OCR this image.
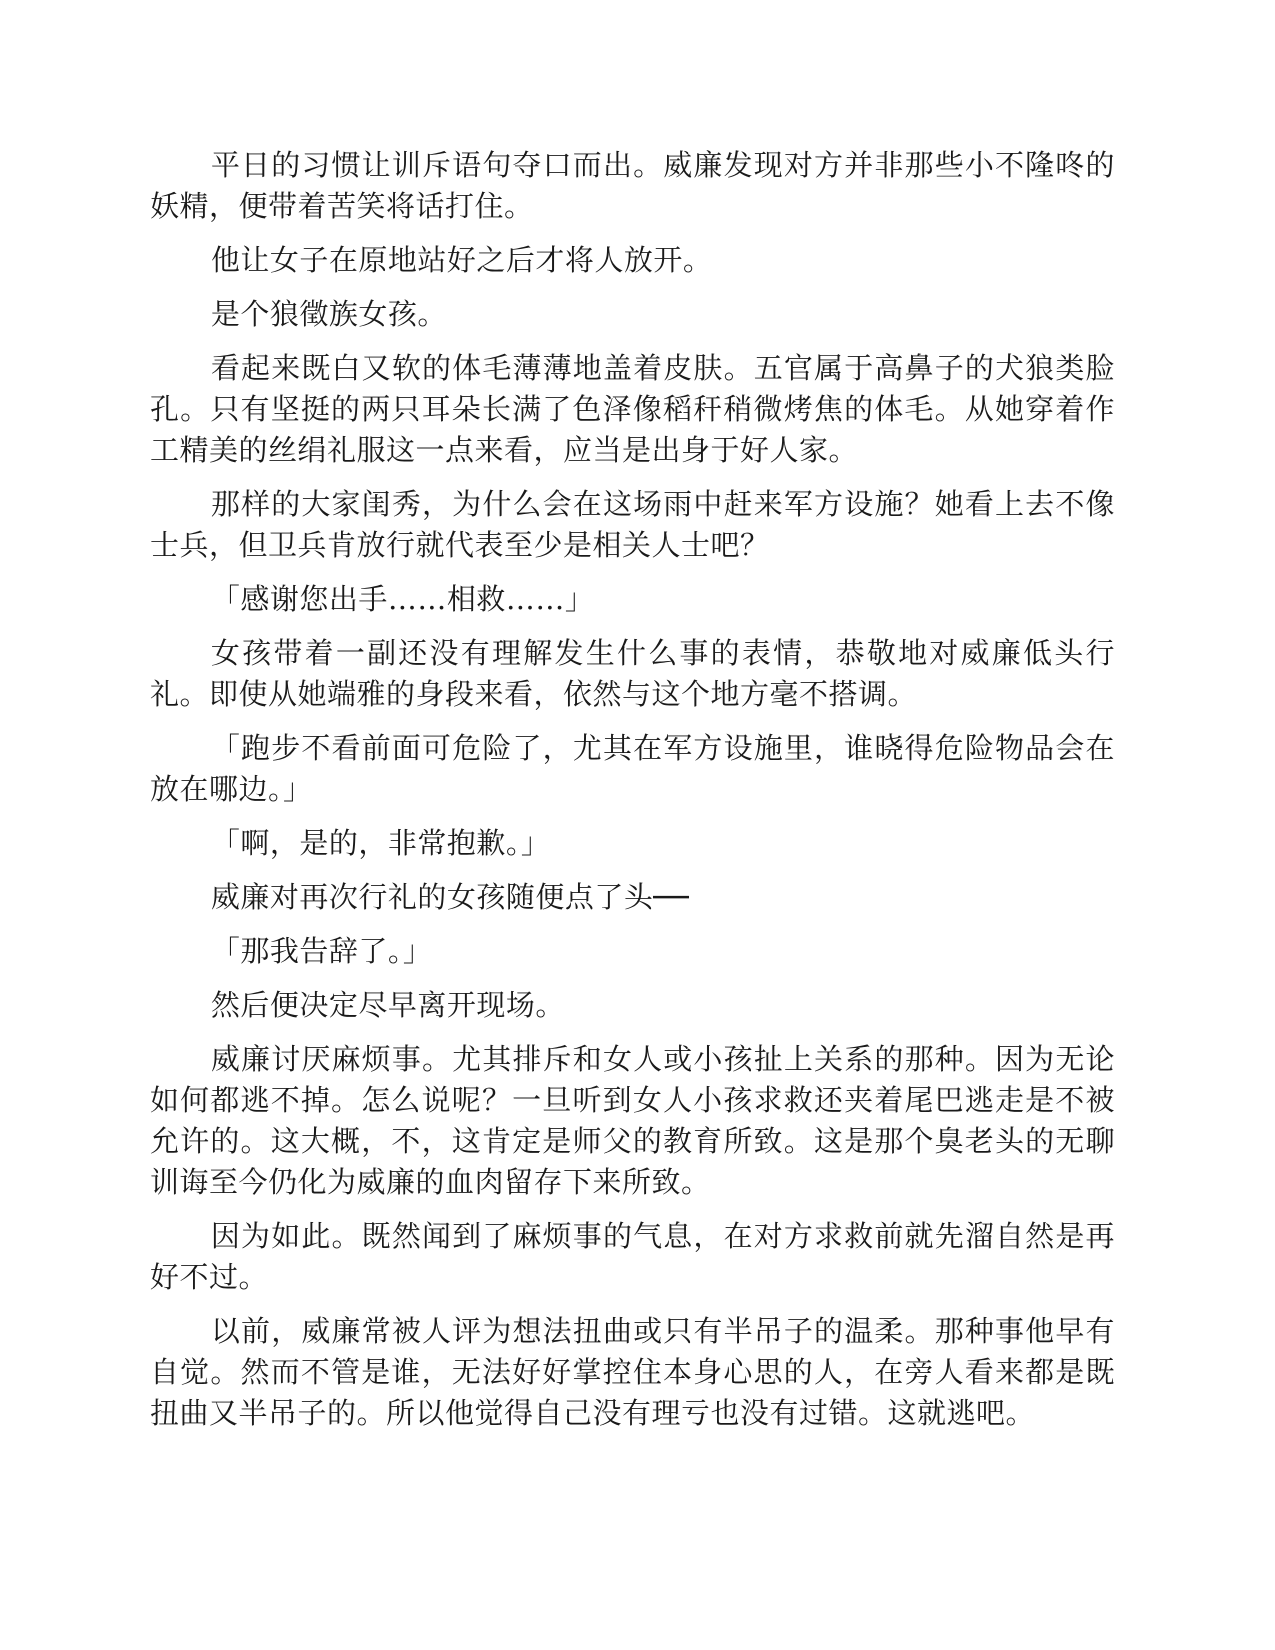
平日的习惯让训斥语句夺口而出。威廉发现对方并非那些小不隆咚的妖精，便带着苦笑将话打住。

他让女子在原地站好之后才将人放开。

是个狼徵族女孩。

看起来既白又软的体毛薄薄地盖着皮肤。五官属于高鼻子的犬狼类脸孔。只有坚挺的两只耳朵长满了色泽像稻秆稍微烤焦的体毛。从她穿着作工精美的丝绢礼服这一点来看，应当是出身于好人家。

那样的大家闺秀，为什么会在这场雨中赶来军方设施？她看上去不像士兵，但卫兵肯放行就代表至少是相关人士吧？

「感谢您出手……相救……」

女孩带着一副还没有理解发生什么事的表情，恭敬地对威廉低头行礼。即使从她端雅的身段来看，依然与这个地方毫不搭调。

「跑步不看前面可危险了，尤其在军方设施里，谁晓得危险物品会在放在哪边。」

「啊，是的，非常抱歉。」

威廉对再次行礼的女孩随便点了头──

「那我告辞了。」

然后便决定尽早离开现场。

威廉讨厌麻烦事。尤其排斥和女人或小孩扯上关系的那种。因为无论如何都逃不掉。怎么说呢？一旦听到女人小孩求救还夹着尾巴逃走是不被允许的。这大概，不，这肯定是师父的教育所致。这是那个臭老头的无聊训诲至今仍化为威廉的血肉留存下来所致。

因为如此。既然闻到了麻烦事的气息，在对方求救前就先溜自然是再好不过。

以前，威廉常被人评为想法扭曲或只有半吊子的温柔。那种事他早有自觉。然而不管是谁，无法好好掌控住本身心思的人，在旁人看来都是既扭曲又半吊子的。所以他觉得自己没有理亏也没有过错。这就逃吧。
